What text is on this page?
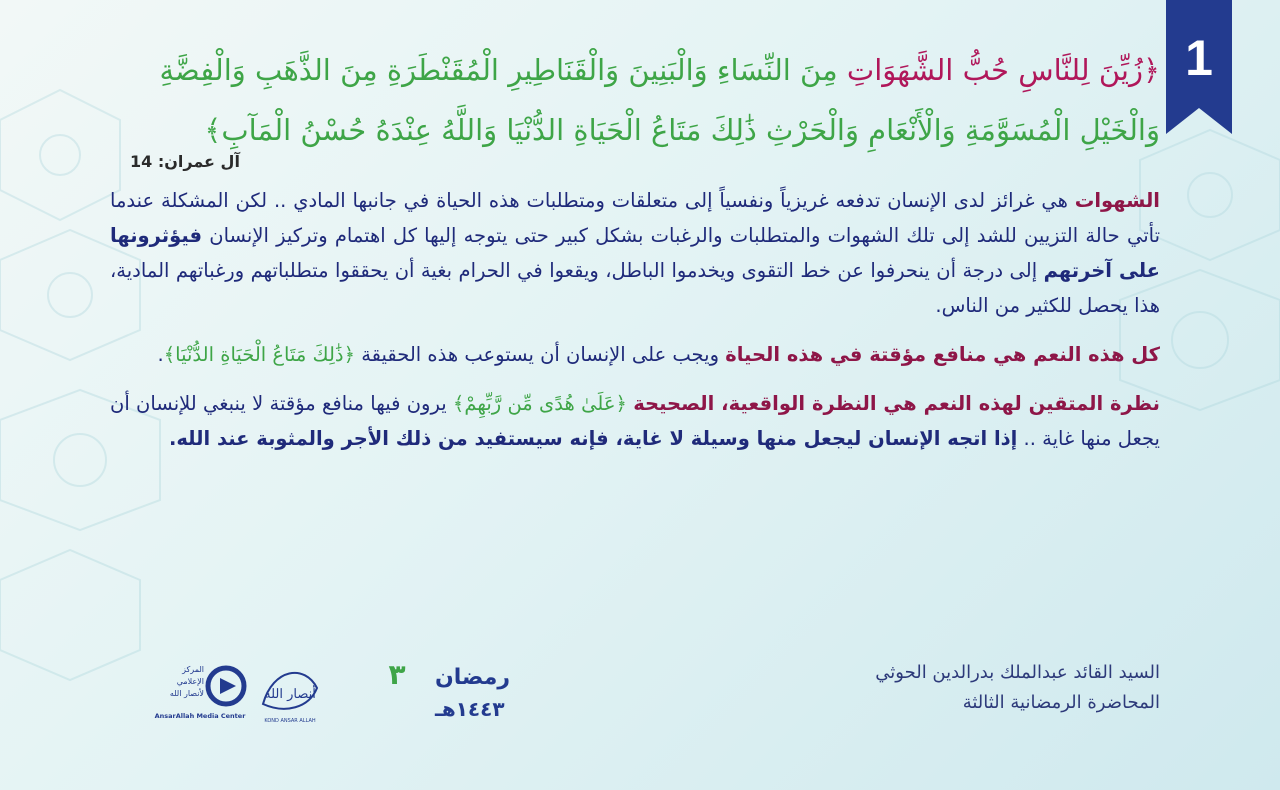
1

﴿زُيِّنَ لِلنَّاسِ حُبُّ الشَّهَوَاتِ مِنَ النِّسَاءِ وَالْبَنِينَ وَالْقَنَاطِيرِ الْمُقَنْطَرَةِ مِنَ الذَّهَبِ وَالْفِضَّةِ

وَالْخَيْلِ الْمُسَوَّمَةِ وَالْأَنْعَامِ وَالْحَرْثِ ذَٰلِكَ مَتَاعُ الْحَيَاةِ الدُّنْيَا وَاللَّهُ عِنْدَهُ حُسْنُ الْمَآبِ﴾

آل عمران: 14

الشهوات هي غرائز لدى الإنسان تدفعه غريزياً ونفسياً إلى متعلقات ومتطلبات هذه الحياة في جانبها المادي .. لكن المشكلة عندما تأتي حالة التزيين للشد إلى تلك الشهوات والمتطلبات والرغبات بشكل كبير حتى يتوجه إليها كل اهتمام وتركيز الإنسان فيؤثرونها على آخرتهم إلى درجة أن ينحرفوا عن خط التقوى ويخدموا الباطل، ويقعوا في الحرام بغية أن يحققوا متطلباتهم ورغباتهم المادية، هذا يحصل للكثير من الناس.

كل هذه النعم هي منافع مؤقتة في هذه الحياة ويجب على الإنسان أن يستوعب هذه الحقيقة ﴿ذَٰلِكَ مَتَاعُ الْحَيَاةِ الدُّنْيَا﴾.

نظرة المتقين لهذه النعم هي النظرة الواقعية، الصحيحة ﴿عَلَىٰ هُدًى مِّن رَّبِّهِمْ﴾ يرون فيها منافع مؤقتة لا ينبغي للإنسان أن يجعل منها غاية .. إذا اتجه الإنسان ليجعل منها وسيلة لا غاية، فإنه سيستفيد من ذلك الأجر والمثوبة عند الله.

السيد القائد عبدالملك بدرالدين الحوثي
المحاضرة الرمضانية الثالثة
رمضان
٣
١٤٤٣هـ
أنصار الله
KOND ANSAR ALLAH
المركز
الإعلامي
لأنصار الله
AnsarAllah Media Center
